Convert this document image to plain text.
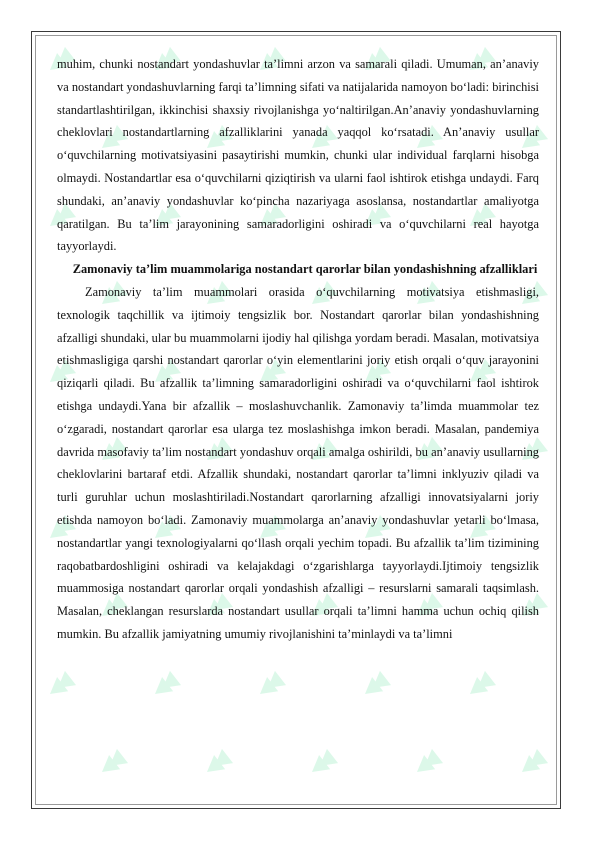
muhim, chunki nostandart yondashuvlar ta’limni arzon va samarali qiladi. Umuman, an’anaviy va nostandart yondashuvlarning farqi ta’limning sifati va natijalarida namoyon bo‘ladi: birinchisi standartlashtirilgan, ikkinchisi shaxsiy rivojlanishga yo‘naltirilgan.An’anaviy yondashuvlarning cheklovlari nostandartlarning afzalliklarini yanada yaqqol ko‘rsatadi. An’anaviy usullar o‘quvchilarning motivatsiyasini pasaytirishi mumkin, chunki ular individual farqlarni hisobga olmaydi. Nostandartlar esa o‘quvchilarni qiziqtirish va ularni faol ishtirok etishga undaydi. Farq shundaki, an’anaviy yondashuvlar ko‘pincha nazariyaga asoslansa, nostandartlar amaliyotga qaratilgan. Bu ta’lim jarayonining samaradorligini oshiradi va o‘quvchilarni real hayotga tayyorlaydi.

Zamonaviy ta’lim muammolariga nostandart qarorlar bilan yondashishning afzalliklari

Zamonaviy ta’lim muammolari orasida o‘quvchilarning motivatsiya etishmasligi, texnologik taqchillik va ijtimoiy tengsizlik bor. Nostandart qarorlar bilan yondashishning afzalligi shundaki, ular bu muammolarni ijodiy hal qilishga yordam beradi. Masalan, motivatsiya etishmasligiga qarshi nostandart qarorlar o‘yin elementlarini joriy etish orqali o‘quv jarayonini qiziqarli qiladi. Bu afzallik ta’limning samaradorligini oshiradi va o‘quvchilarni faol ishtirok etishga undaydi.Yana bir afzallik – moslashuvchanlik. Zamonaviy ta’limda muammolar tez o‘zgaradi, nostandart qarorlar esa ularga tez moslashishga imkon beradi. Masalan, pandemiya davrida masofaviy ta’lim nostandart yondashuv orqali amalga oshirildi, bu an’anaviy usullarning cheklovlarini bartaraf etdi. Afzallik shundaki, nostandart qarorlar ta’limni inklyuziv qiladi va turli guruhlar uchun moslashtiriladi.Nostandart qarorlarning afzalligi innovatsiyalarni joriy etishda namoyon bo‘ladi. Zamonaviy muammolarga an’anaviy yondashuvlar yetarli bo‘lmasa, nostandartlar yangi texnologiyalarni qo‘llash orqali yechim topadi. Bu afzallik ta’lim tizimining raqobatbardoshligini oshiradi va kelajakdagi o‘zgarishlarga tayyorlaydi.Ijtimoiy tengsizlik muammosiga nostandart qarorlar orqali yondashish afzalligi – resurslarni samarali taqsimlash. Masalan, cheklangan resurslarda nostandart usullar orqali ta’limni hamma uchun ochiq qilish mumkin. Bu afzallik jamiyatning umumiy rivojlanishini ta’minlaydi va ta’limni
